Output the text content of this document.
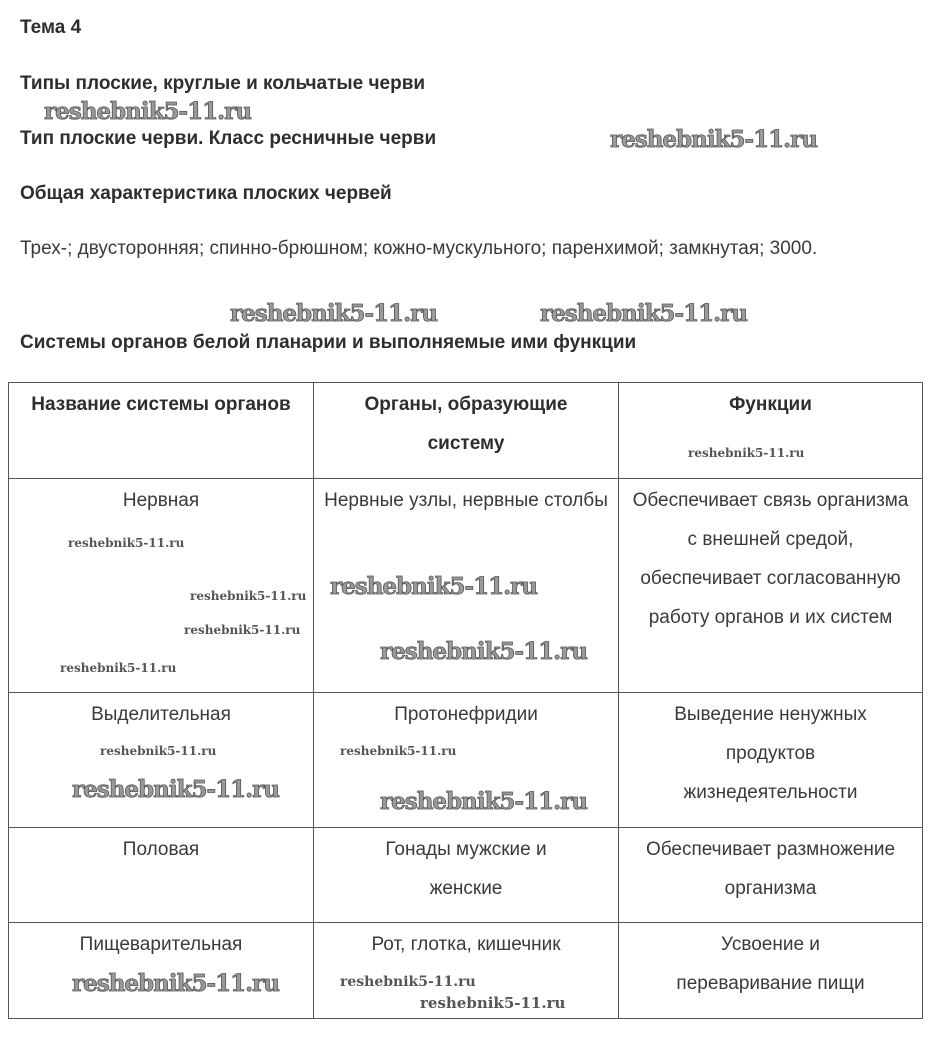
Тема 4
Типы плоские, круглые и кольчатые черви
Тип плоские черви. Класс ресничные черви
Общая характеристика плоских червей
Трех-; двусторонняя; спинно-брюшном; кожно-мускульного; паренхимой; замкнутая; 3000.
Системы органов белой планарии и выполняемые ими функции
Название системы органов	Органы, образующие систему	Функции
Нервная	Нервные узлы, нервные столбы	Обеспечивает связь организма с внешней средой, обеспечивает согласованную работу органов и их систем
Выделительная	Протонефридии	Выведение ненужных продуктов жизнедеятельности
Половая	Гонады мужские и женские	Обеспечивает размножение организма
Пищеварительная	Рот, глотка, кишечник	Усвоение и переваривание пищи
reshebnik5-11.ru
reshebnik5-11.ru
reshebnik5-11.ru	reshebnik5-11.ru
reshebnik5-11.ru
reshebnik5-11.ru
reshebnik5-11.ru
reshebnik5-11.ru
reshebnik5-11.ru
reshebnik5-11.ru
reshebnik5-11.ru
reshebnik5-11.ru
reshebnik5-11.ru	reshebnik5-11.ru
reshebnik5-11.ru
reshebnik5-11.ru	reshebnik5-11.ru
reshebnik5-11.ru
